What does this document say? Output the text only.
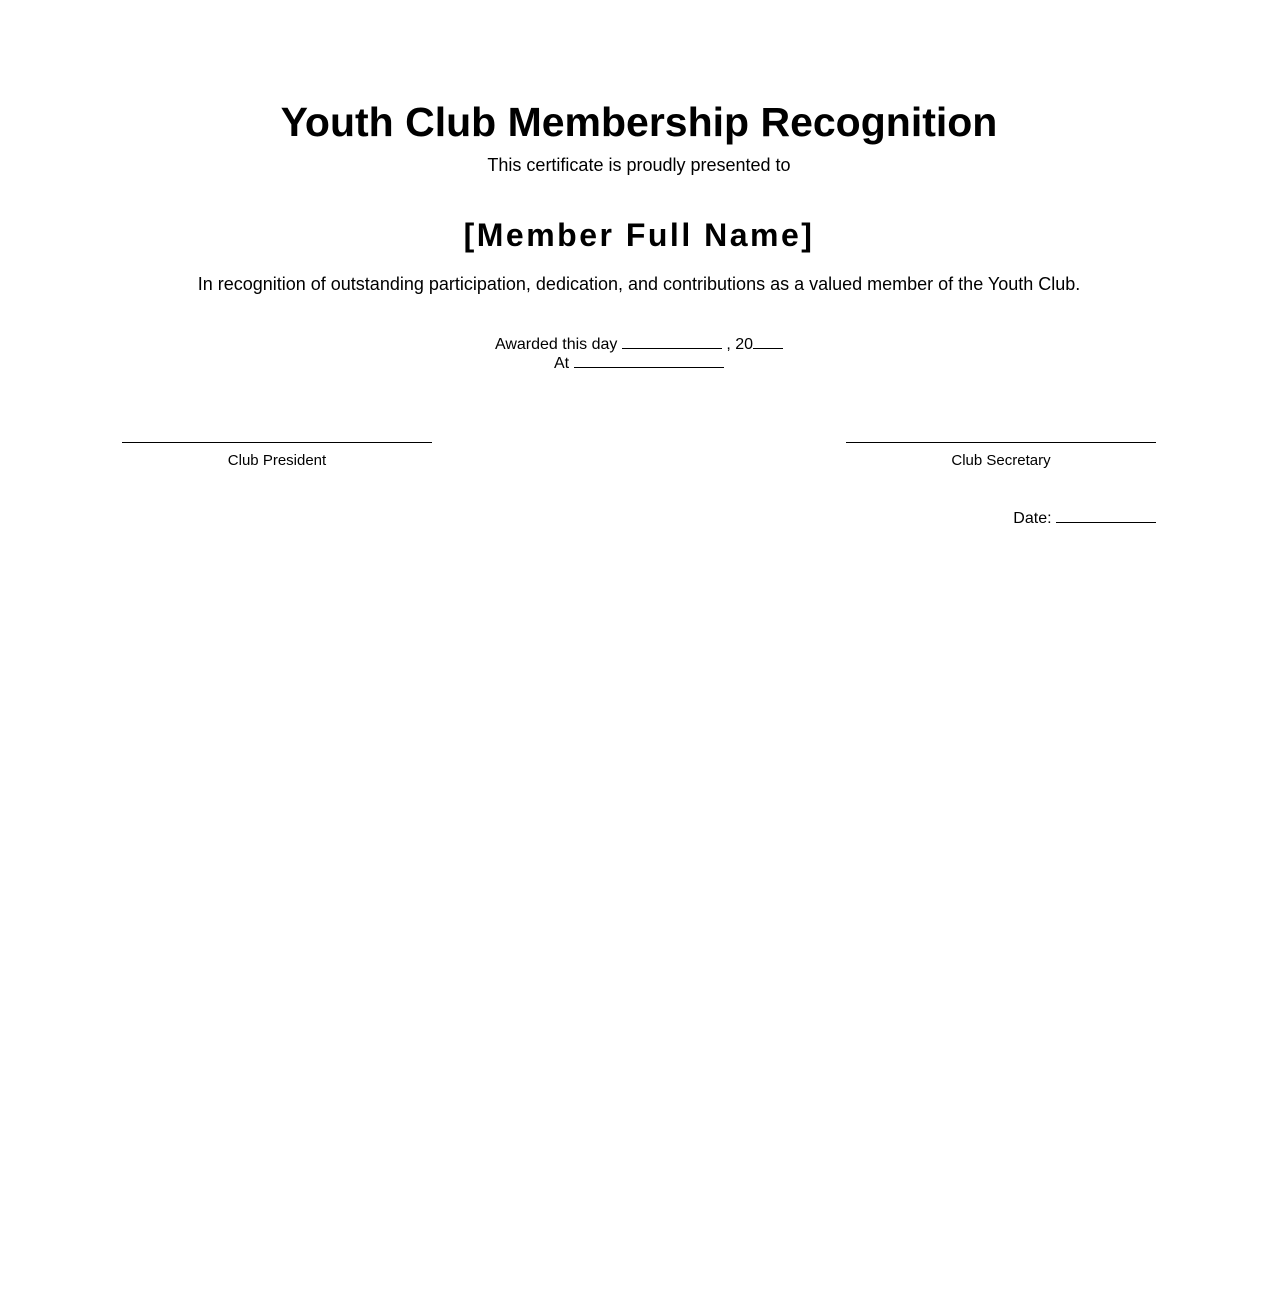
Youth Club Membership Recognition
This certificate is proudly presented to
[Member Full Name]
In recognition of outstanding participation, dedication, and contributions as a valued member of the Youth Club.
Awarded this day	, 20
At
Club President	Club Secretary
Date:
